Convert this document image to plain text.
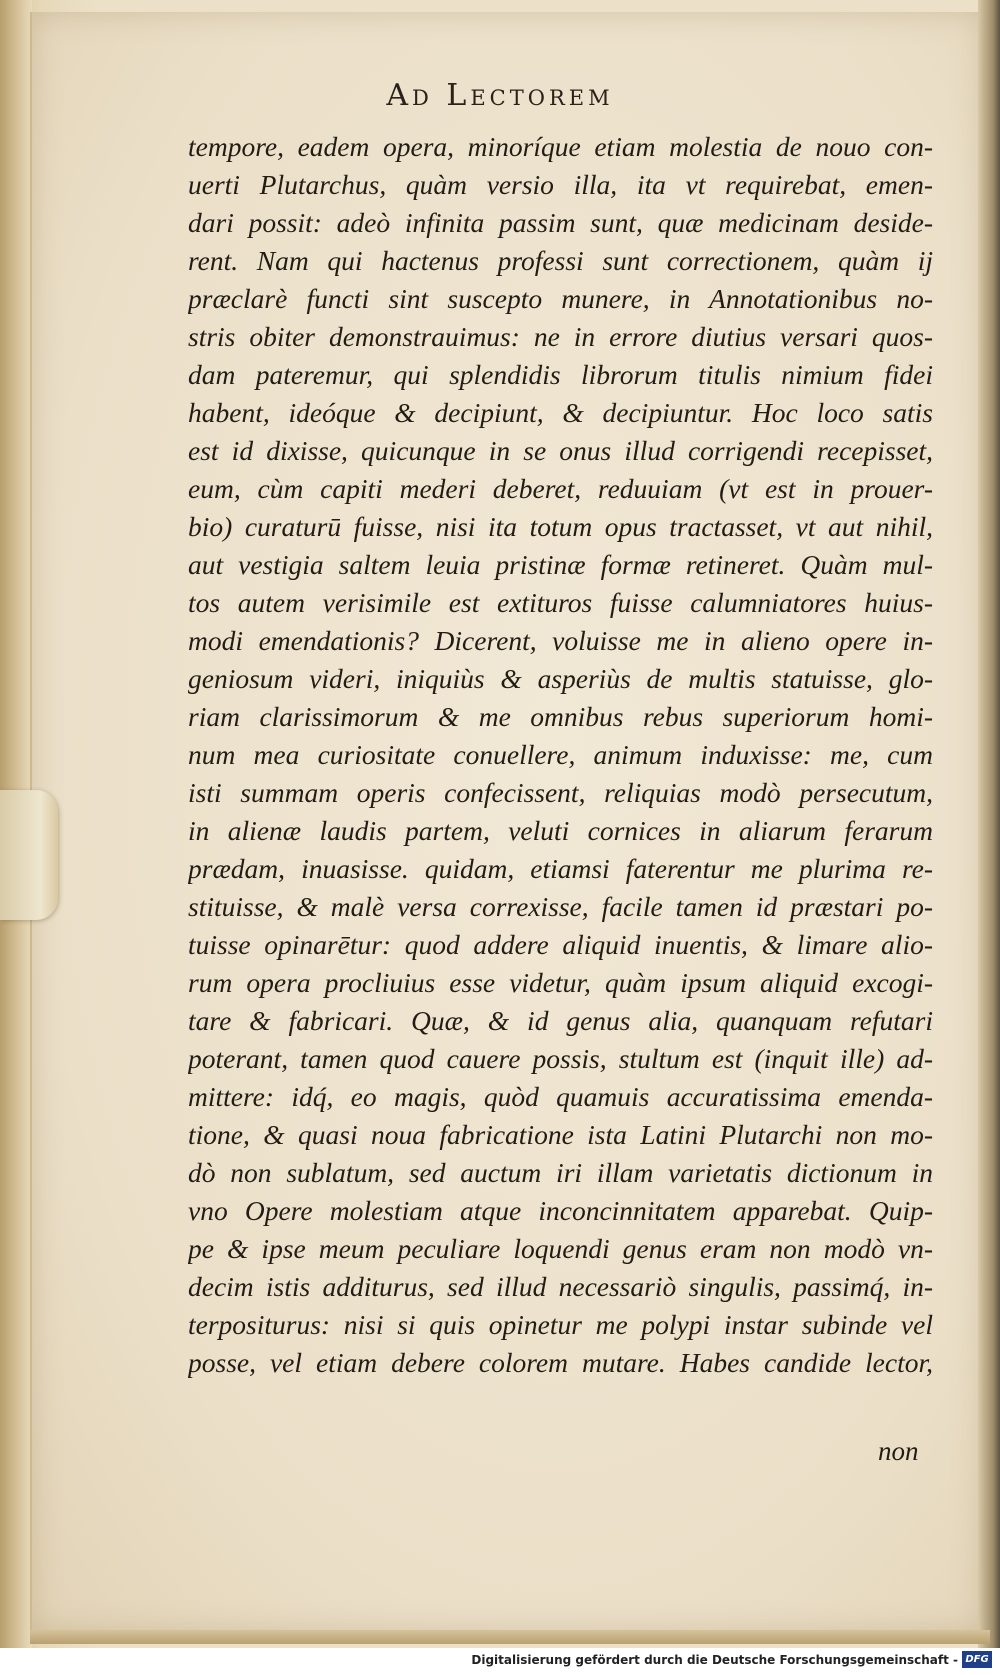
Ad Lectorem
tempore, eadem opera, minoríque etiam molestia de nouo con-
uerti Plutarchus, quàm versio illa, ita vt requirebat, emen-
dari possit: adeò infinita passim sunt, quæ medicinam deside-
rent. Nam qui hactenus professi sunt correctionem, quàm ij
præclarè functi sint suscepto munere, in Annotationibus no-
stris obiter demonstrauimus: ne in errore diutius versari quos-
dam pateremur, qui splendidis librorum titulis nimium fidei
habent, ideóque & decipiunt, & decipiuntur. Hoc loco satis
est id dixisse, quicunque in se onus illud corrigendi recepisset,
eum, cùm capiti mederi deberet, reduuiam (vt est in prouer-
bio) curaturū fuisse, nisi ita totum opus tractasset, vt aut nihil,
aut vestigia saltem leuia pristinæ formæ retineret. Quàm mul-
tos autem verisimile est extituros fuisse calumniatores huius-
modi emendationis? Dicerent, voluisse me in alieno opere in-
geniosum videri, iniquiùs & asperiùs de multis statuisse, glo-
riam clarissimorum & me omnibus rebus superiorum homi-
num mea curiositate conuellere, animum induxisse: me, cum
isti summam operis confecissent, reliquias modò persecutum,
in alienæ laudis partem, veluti cornices in aliarum ferarum
prædam, inuasisse. quidam, etiamsi faterentur me plurima re-
stituisse, & malè versa correxisse, facile tamen id præstari po-
tuisse opinarētur: quod addere aliquid inuentis, & limare alio-
rum opera procliuius esse videtur, quàm ipsum aliquid excogi-
tare & fabricari. Quæ, & id genus alia, quanquam refutari
poterant, tamen quod cauere possis, stultum est (inquit ille) ad-
mittere: idq́, eo magis, quòd quamuis accuratissima emenda-
tione, & quasi noua fabricatione ista Latini Plutarchi non mo-
dò non sublatum, sed auctum iri illam varietatis dictionum in
vno Opere molestiam atque inconcinnitatem apparebat. Quip-
pe & ipse meum peculiare loquendi genus eram non modò vn-
decim istis additurus, sed illud necessariò singulis, passimq́, in-
terpositurus: nisi si quis opinetur me polypi instar subinde vel
posse, vel etiam debere colorem mutare. Habes candide lector,
non
Digitalisierung gefördert durch die Deutsche Forschungsgemeinschaft - DFG
